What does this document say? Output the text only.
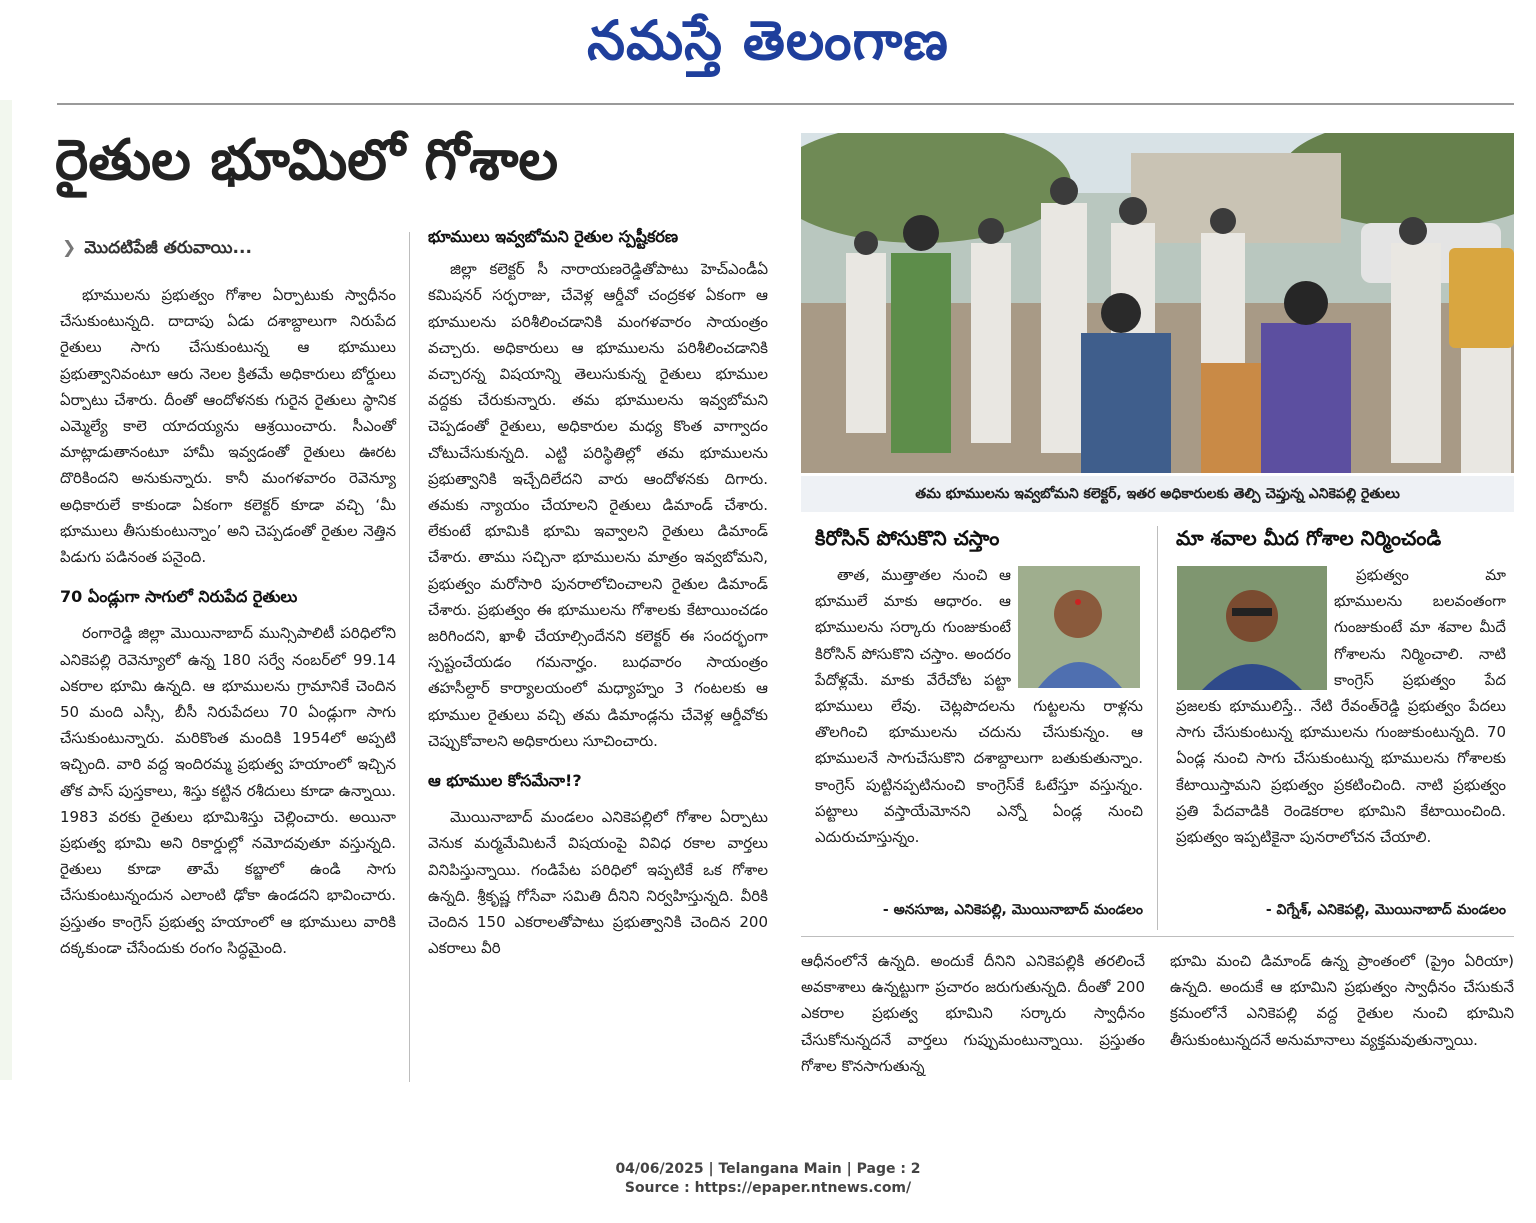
నమస్తే తెలంగాణ
రైతుల భూమిలో గోశాల
❯ మొదటిపేజీ తరువాయి...

భూములను ప్రభుత్వం గోశాల ఏర్పాటుకు స్వాధీనం చేసుకుంటున్నది. దాదాపు ఏడు దశాబ్దాలుగా నిరుపేద రైతులు సాగు చేసుకుంటున్న ఆ భూములు ప్రభుత్వానివంటూ ఆరు నెలల క్రితమే అధికారులు బోర్డులు ఏర్పాటు చేశారు. దీంతో ఆందోళనకు గురైన రైతులు స్థానిక ఎమ్మెల్యే కాలె యాదయ్యను ఆశ్రయించారు. సీఎంతో మాట్లాడుతానంటూ హామీ ఇవ్వడంతో రైతులు ఊరట దొరికిందని అనుకున్నారు. కానీ మంగళవారం రెవెన్యూ అధికారులే కాకుండా ఏకంగా కలెక్టర్ కూడా వచ్చి ‘మీ భూములు తీసుకుంటున్నాం’ అని చెప్పడంతో రైతుల నెత్తిన పిడుగు పడినంత పనైంది.

70 ఏండ్లుగా సాగులో నిరుపేద రైతులు

రంగారెడ్డి జిల్లా మొయినాబాద్ మున్సిపాలిటీ పరిధిలోని ఎనికెపల్లి రెవెన్యూలో ఉన్న 180 సర్వే నంబర్‌లో 99.14 ఎకరాల భూమి ఉన్నది. ఆ భూములను గ్రామానికే చెందిన 50 మంది ఎస్సీ, బీసీ నిరుపేదలు 70 ఏండ్లుగా సాగు చేసుకుంటున్నారు. మరికొంత మందికి 1954లో అప్పటి ఇచ్చింది. వారి వద్ద ఇందిరమ్మ ప్రభుత్వ హయాంలో ఇచ్చిన తోక పాస్ పుస్తకాలు, శిస్తు కట్టిన రశీదులు కూడా ఉన్నాయి. 1983 వరకు రైతులు భూమిశిస్తు చెల్లించారు. అయినా ప్రభుత్వ భూమి అని రికార్డుల్లో నమోదవుతూ వస్తున్నది. రైతులు కూడా తామే కబ్జాలో ఉండి సాగు చేసుకుంటున్నందున ఎలాంటి ఢోకా ఉండదని భావించారు. ప్రస్తుతం కాంగ్రెస్ ప్రభుత్వ హయాంలో ఆ భూములు వారికి దక్కకుండా చేసేందుకు రంగం సిద్ధమైంది.

భూములు ఇవ్వబోమని రైతుల స్పష్టీకరణ

జిల్లా కలెక్టర్ సీ నారాయణరెడ్డితోపాటు హెచ్‌ఎండీఏ కమిషనర్ సర్ఫరాజు, చేవెళ్ల ఆర్డీవో చంద్రకళ ఏకంగా ఆ భూములను పరిశీలించడానికి మంగళవారం సాయంత్రం వచ్చారు. అధికారులు ఆ భూములను పరిశీలించడానికి వచ్చారన్న విషయాన్ని తెలుసుకున్న రైతులు భూముల వద్దకు చేరుకున్నారు. తమ భూములను ఇవ్వబోమని చెప్పడంతో రైతులు, అధికారుల మధ్య కొంత వాగ్వాదం చోటుచేసుకున్నది. ఎట్టి పరిస్థితిల్లో తమ భూములను ప్రభుత్వానికి ఇచ్చేదిలేదని వారు ఆందోళనకు దిగారు. తమకు న్యాయం చేయాలని రైతులు డిమాండ్ చేశారు. లేకుంటే భూమికి భూమి ఇవ్వాలని రైతులు డిమాండ్ చేశారు. తాము సచ్చినా భూములను మాత్రం ఇవ్వబోమని, ప్రభుత్వం మరోసారి పునరాలోచించాలని రైతుల డిమాండ్ చేశారు. ప్రభుత్వం ఈ భూములను గోశాలకు కేటాయించడం జరిగిందని, ఖాళీ చేయాల్సిందేనని కలెక్టర్ ఈ సందర్భంగా స్పష్టంచేయడం గమనార్హం. బుధవారం సాయంత్రం తహసీల్దార్ కార్యాలయంలో మధ్యాహ్నం 3 గంటలకు ఆ భూముల రైతులు వచ్చి తమ డిమాండ్లను చేవెళ్ల ఆర్డీవోకు చెప్పుకోవాలని అధికారులు సూచించారు.

ఆ భూముల కోసమేనా!?

మొయినాబాద్ మండలం ఎనికెపల్లిలో గోశాల ఏర్పాటు వెనుక మర్మమేమిటనే విషయంపై వివిధ రకాల వార్తలు వినిపిస్తున్నాయి. గండిపేట పరిధిలో ఇప్పటికే ఒక గోశాల ఉన్నది. శ్రీకృష్ణ గోసేవా సమితి దీనిని నిర్వహిస్తున్నది. వీరికి చెందిన 150 ఎకరాలతోపాటు ప్రభుత్వానికి చెందిన 200 ఎకరాలు వీరి

తమ భూములను ఇవ్వబోమని కలెక్టర్, ఇతర అధికారులకు తెల్పి చెప్తున్న ఎనికెపల్లి రైతులు
కిరోసిన్ పోసుకొని చస్తాం

తాత, ముత్తాతల నుంచి ఆ భూములే మాకు ఆధారం. ఆ భూములను సర్కారు గుంజుకుంటే కిరోసిన్ పోసుకొని చస్తాం. అందరం పేదోళ్లమే. మాకు వేరేచోట పట్టా భూములు లేవు. చెట్లపొదలను గుట్టలను రాళ్లను తొలగించి భూములను చదును చేసుకున్నం. ఆ భూములనే సాగుచేసుకొని దశాబ్దాలుగా బతుకుతున్నాం. కాంగ్రెస్ పుట్టినప్పటినుంచి కాంగ్రెస్‌కే ఓటేస్తూ వస్తున్నం. పట్టాలు వస్తాయేమోనని ఎన్నో ఏండ్ల నుంచి ఎదురుచూస్తున్నం.

- అనసూజ, ఎనికెపల్లి, మొయినాబాద్ మండలం
మా శవాల మీద గోశాల నిర్మించండి

ప్రభుత్వం మా భూములను బలవంతంగా గుంజుకుంటే మా శవాల మీదే గోశాలను నిర్మించాలి. నాటి కాంగ్రెస్ ప్రభుత్వం పేద ప్రజలకు భూములిస్తే.. నేటి రేవంత్‌రెడ్డి ప్రభుత్వం పేదలు సాగు చేసుకుంటున్న భూములను గుంజుకుంటున్నది. 70 ఏండ్ల నుంచి సాగు చేసుకుంటున్న భూములను గోశాలకు కేటాయిస్తామని ప్రభుత్వం ప్రకటించింది. నాటి ప్రభుత్వం ప్రతి పేదవాడికి రెండెకరాల భూమిని కేటాయించింది. ప్రభుత్వం ఇప్పటికైనా పునరాలోచన చేయాలి.

- విగ్నేశ్, ఎనికెపల్లి, మొయినాబాద్ మండలం

ఆధీనంలోనే ఉన్నది. అందుకే దీనిని ఎనికెపల్లికి తరలించే అవకాశాలు ఉన్నట్టుగా ప్రచారం జరుగుతున్నది. దీంతో 200 ఎకరాల ప్రభుత్వ భూమిని సర్కారు స్వాధీనం చేసుకోనున్నదనే వార్తలు గుప్పుమంటున్నాయి. ప్రస్తుతం గోశాల కొనసాగుతున్న

భూమి మంచి డిమాండ్ ఉన్న ప్రాంతంలో (ప్రైం ఏరియా) ఉన్నది. అందుకే ఆ భూమిని ప్రభుత్వం స్వాధీనం చేసుకునే క్రమంలోనే ఎనికెపల్లి వద్ద రైతుల నుంచి భూమిని తీసుకుంటున్నదనే అనుమానాలు వ్యక్తమవుతున్నాయి.

04/06/2025 | Telangana Main | Page : 2
Source : https://epaper.ntnews.com/
